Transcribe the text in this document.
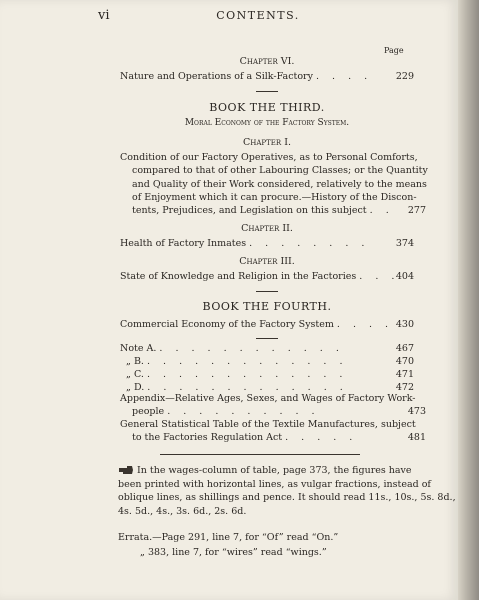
vi	CONTENTS.
Page
Chapter VI.
Nature and Operations of a Silk-Factory . . . . 229
BOOK THE THIRD.
Moral Economy of the Factory System.
Chapter I.
Condition of our Factory Operatives, as to Personal Comforts,
compared to that of other Labouring Classes; or the Quantity
and Quality of their Work considered, relatively to the means
of Enjoyment which it can procure.—History of the Discon-
tents, Prejudices, and Legislation on this subject . . 277
Chapter II.
Health of Factory Inmates . . . . . . . .	374
Chapter III.
State of Knowledge and Religion in the Factories . . .
404
BOOK THE FOURTH.
Commercial Economy of the Factory System . . . . 430
Note A. . . . . . . . . . . . .	467
„ B. . . . . . . . . . . . . .	470
„ C. . . . . . . . . . . . . .	471
„ D. . . . . . . . . . . . . .	472
Appendix—Relative Ages, Sexes, and Wages of Factory Work-
people . . . . . . . . . .	473
General Statistical Table of the Textile Manufactures, subject
to the Factories Regulation Act . . . . .	481
In the wages-column of table, page 373, the figures have
been printed with horizontal lines, as vulgar fractions, instead of
oblique lines, as shillings and pence. It should read 11s., 10s., 5s. 8d.,
4s. 5d., 4s., 3s. 6d., 2s. 6d.
Errata.—Page 291, line 7, for “Of” read “On.”
„ 383, line 7, for “wires” read “wings.”
